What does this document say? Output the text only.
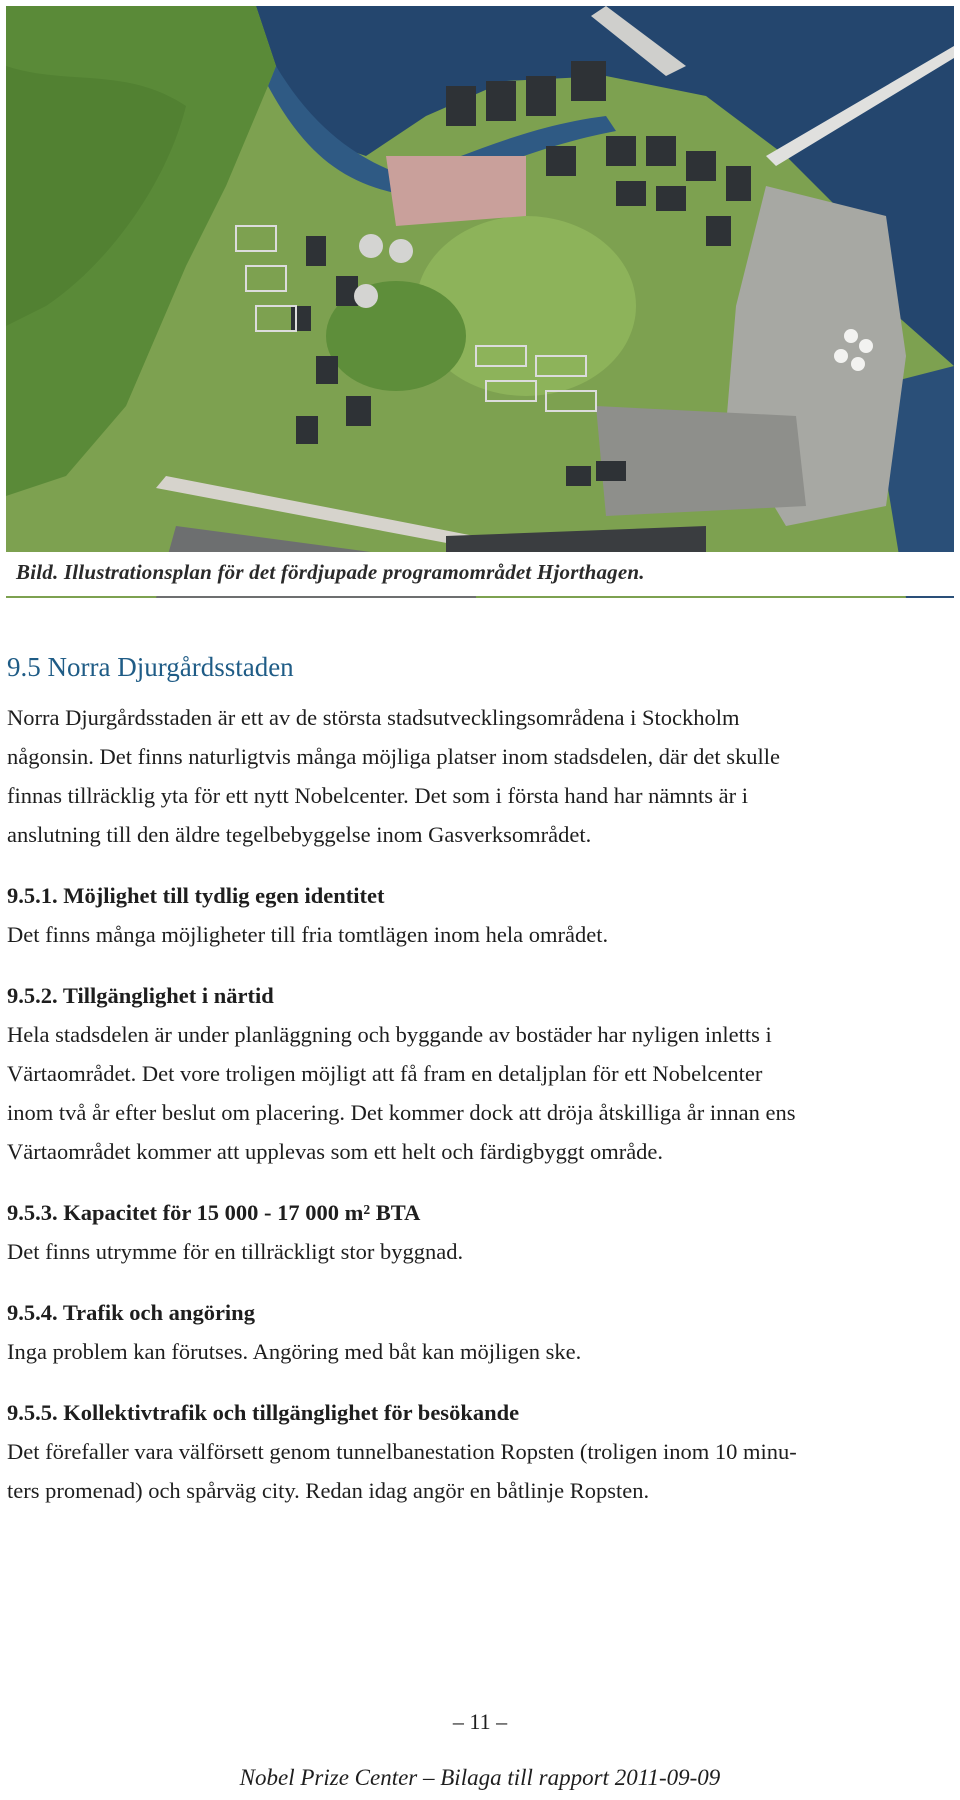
Bild. Illustrationsplan för det fördjupade programområdet Hjorthagen.
9.5 Norra Djurgårdsstaden

Norra Djurgårdsstaden är ett av de största stadsutvecklingsområdena i Stockholm

någonsin. Det finns naturligtvis många möjliga platser inom stadsdelen, där det skulle

finnas tillräcklig yta för ett nytt Nobelcenter. Det som i första hand har nämnts är i

anslutning till den äldre tegelbebyggelse inom Gasverksområdet.

9.5.1. Möjlighet till tydlig egen identitet

Det finns många möjligheter till fria tomtlägen inom hela området.

9.5.2. Tillgänglighet i närtid

Hela stadsdelen är under planläggning och byggande av bostäder har nyligen inletts i

Värtaområdet. Det vore troligen möjligt att få fram en detaljplan för ett Nobelcenter

inom två år efter beslut om placering. Det kommer dock att dröja åtskilliga år innan ens

Värtaområdet kommer att upplevas som ett helt och färdigbyggt område.

9.5.3. Kapacitet för 15 000 - 17 000 m² BTA

Det finns utrymme för en tillräckligt stor byggnad.

9.5.4. Trafik och angöring

Inga problem kan förutses. Angöring med båt kan möjligen ske.

9.5.5. Kollektivtrafik och tillgänglighet för besökande

Det förefaller vara välförsett genom tunnelbanestation Ropsten (troligen inom 10 minu-

ters promenad) och spårväg city. Redan idag angör en båtlinje Ropsten.

– 11 –
Nobel Prize Center – Bilaga till rapport 2011-09-09
